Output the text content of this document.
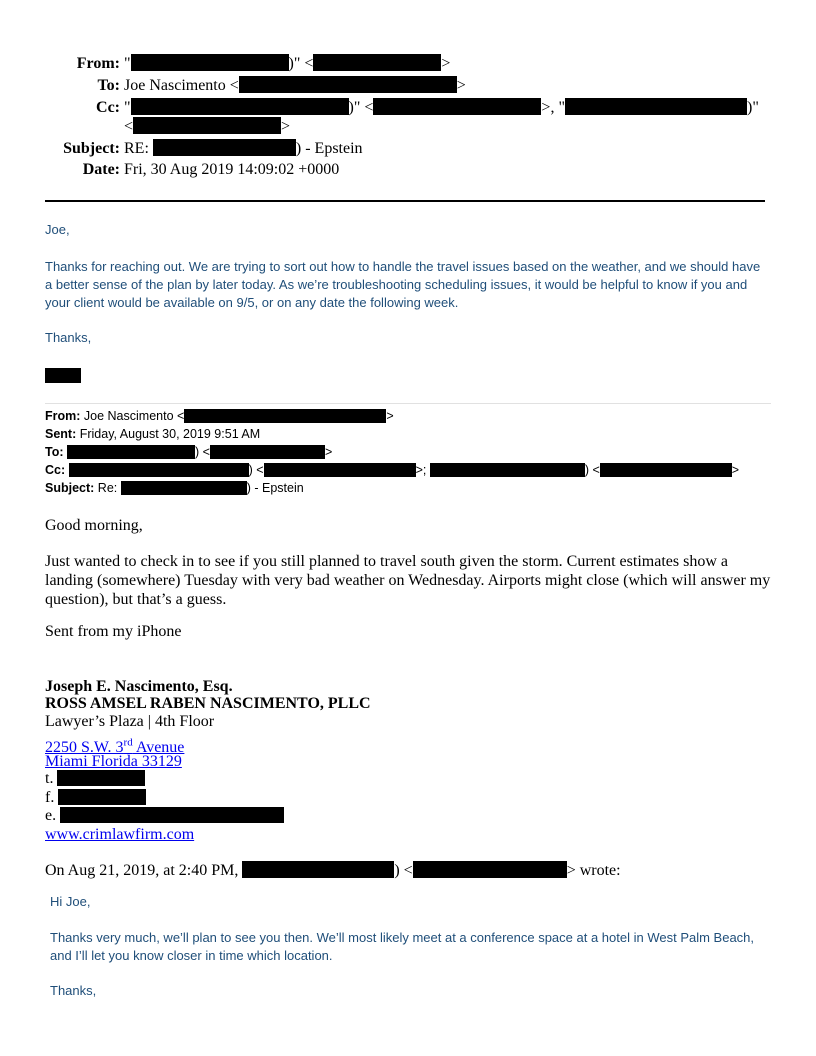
From: "	)" <	>
To: Joe Nascimento <	>
Cc: "	)" <	>, "	)"
<	>
Subject: RE:	) - Epstein
Date: Fri, 30 Aug 2019 14:09:02 +0000
Joe,
Thanks for reaching out. We are trying to sort out how to handle the travel issues based on the weather, and we should have a better sense of the plan by later today. As we’re troubleshooting scheduling issues, it would be helpful to know if you and your client would be available on 9/5, or on any date the following week.
Thanks,
From: Joe Nascimento <	>
Sent: Friday, August 30, 2019 9:51 AM
To:	) <	>
Cc:	) <	>;	) <	>
Subject: Re:	) - Epstein
Good morning,
Just wanted to check in to see if you still planned to travel south given the storm. Current estimates show a landing (somewhere) Tuesday with very bad weather on Wednesday. Airports might close (which will answer my question), but that’s a guess.
Sent from my iPhone
Joseph E. Nascimento, Esq.
ROSS AMSEL RABEN NASCIMENTO, PLLC
Lawyer’s Plaza | 4th Floor
2250 S.W. 3rd Avenue
Miami Florida 33129
t.
f.
e.
www.crimlawfirm.com
On Aug 21, 2019, at 2:40 PM,	) <	> wrote:
Hi Joe,
Thanks very much, we’ll plan to see you then. We’ll most likely meet at a conference space at a hotel in West Palm Beach, and I’ll let you know closer in time which location.
Thanks,
